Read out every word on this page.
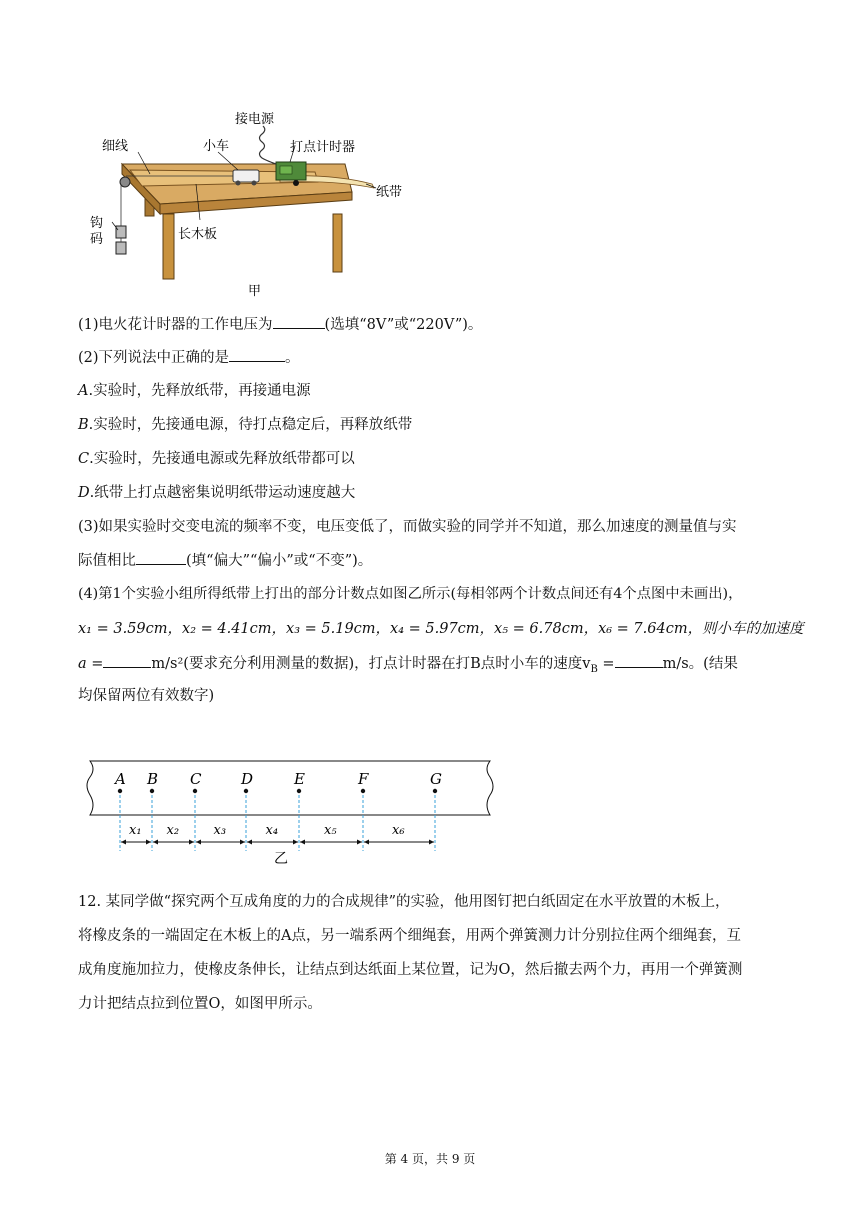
接电源
打点计时器
细线	小车
纸带
钩
码	长木板
甲
(1)电火花计时器的工作电压为	(选填“8V”或“220V”)。
(2)下列说法中正确的是	。
A.实验时，先释放纸带，再接通电源
B.实验时，先接通电源，待打点稳定后，再释放纸带
C.实验时，先接通电源或先释放纸带都可以
D.纸带上打点越密集说明纸带运动速度越大
(3)如果实验时交变电流的频率不变，电压变低了，而做实验的同学并不知道，那么加速度的测量值与实
际值相比	(填“偏大”“偏小”或“不变”)。
(4)第1个实验小组所得纸带上打出的部分计数点如图乙所示(每相邻两个计数点间还有4个点图中未画出)，
x₁ = 3.59cm，x₂ = 4.41cm，x₃ = 5.19cm，x₄ = 5.97cm，x₅ = 6.78cm，x₆ = 7.64cm，则小车的加速度
a =	m/s²(要求充分利用测量的数据)，打点计时器在打B点时小车的速度$v_B$ =	m/s。(结果
均保留两位有效数字)
A B C	D	E	F	G
x₁ x₂	x₃	x₄	x₅	x₆
乙
12. 某同学做“探究两个互成角度的力的合成规律”的实验，他用图钉把白纸固定在水平放置的木板上，
将橡皮条的一端固定在木板上的A点，另一端系两个细绳套，用两个弹簧测力计分别拉住两个细绳套，互
成角度施加拉力，使橡皮条伸长，让结点到达纸面上某位置，记为O，然后撤去两个力，再用一个弹簧测
力计把结点拉到位置O，如图甲所示。
第 4 页，共 9 页
